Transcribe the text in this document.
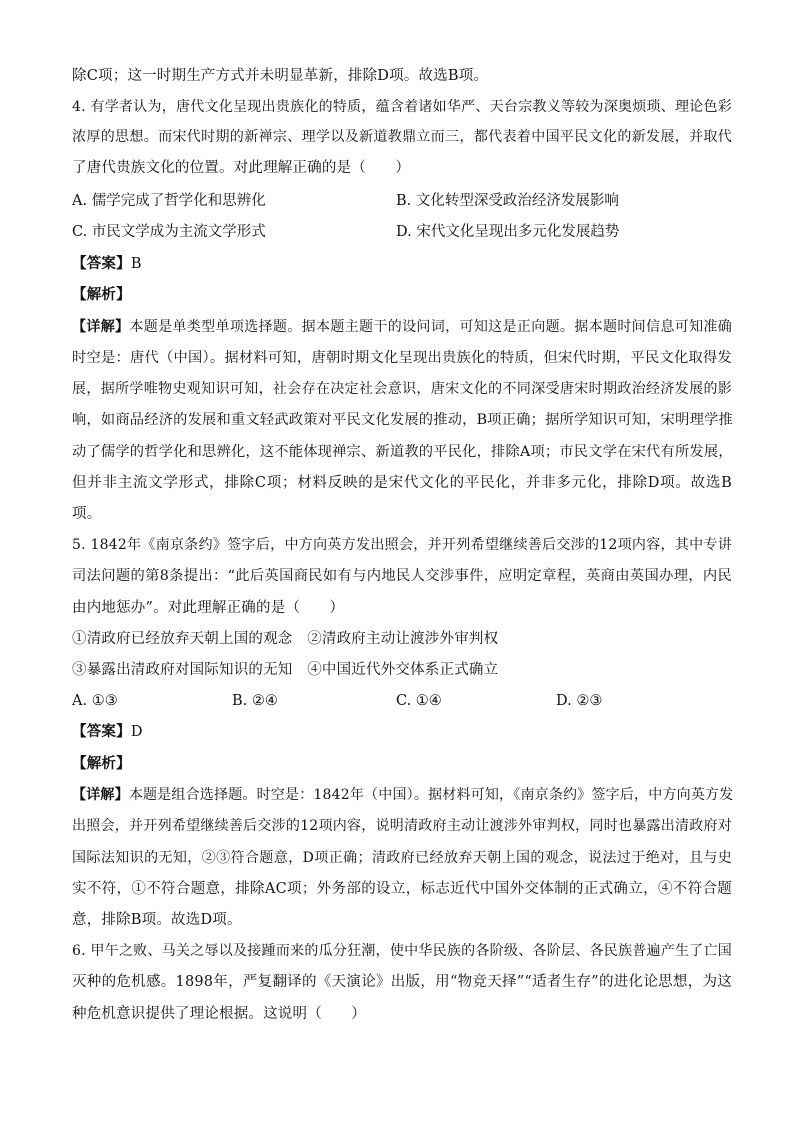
除C项；这一时期生产方式并未明显革新，排除D项。故选B项。
4. 有学者认为，唐代文化呈现出贵族化的特质，蕴含着诸如华严、天台宗教义等较为深奥烦琐、理论色彩
浓厚的思想。而宋代时期的新禅宗、理学以及新道教鼎立而三，都代表着中国平民文化的新发展，并取代
了唐代贵族文化的位置。对此理解正确的是（　　）
A. 儒学完成了哲学化和思辨化	B. 文化转型深受政治经济发展影响
C. 市民文学成为主流文学形式	D. 宋代文化呈现出多元化发展趋势
【答案】B
【解析】
【详解】本题是单类型单项选择题。据本题主题干的设问词，可知这是正向题。据本题时间信息可知准确
时空是：唐代（中国）。据材料可知，唐朝时期文化呈现出贵族化的特质，但宋代时期，平民文化取得发
展，据所学唯物史观知识可知，社会存在决定社会意识，唐宋文化的不同深受唐宋时期政治经济发展的影
响，如商品经济的发展和重文轻武政策对平民文化发展的推动，B项正确；据所学知识可知，宋明理学推
动了儒学的哲学化和思辨化，这不能体现禅宗、新道教的平民化，排除A项；市民文学在宋代有所发展，
但并非主流文学形式，排除C项；材料反映的是宋代文化的平民化，并非多元化，排除D项。故选B
项。
5. 1842年《南京条约》签字后，中方向英方发出照会，并开列希望继续善后交涉的12项内容，其中专讲
司法问题的第8条提出：“此后英国商民如有与内地民人交涉事件，应明定章程，英商由英国办理，内民
由内地惩办”。对此理解正确的是（　　）
①清政府已经放弃天朝上国的观念　②清政府主动让渡涉外审判权
③暴露出清政府对国际知识的无知　④中国近代外交体系正式确立
A. ①③	B. ②④	C. ①④	D. ②③
【答案】D
【解析】
【详解】本题是组合选择题。时空是：1842年（中国）。据材料可知，《南京条约》签字后，中方向英方发
出照会，并开列希望继续善后交涉的12项内容，说明清政府主动让渡涉外审判权，同时也暴露出清政府对
国际法知识的无知，②③符合题意，D项正确；清政府已经放弃天朝上国的观念，说法过于绝对，且与史
实不符，①不符合题意，排除AC项；外务部的设立，标志近代中国外交体制的正式确立，④不符合题
意，排除B项。故选D项。
6. 甲午之败、马关之辱以及接踵而来的瓜分狂潮，使中华民族的各阶级、各阶层、各民族普遍产生了亡国
灭种的危机感。1898年，严复翻译的《天演论》出版，用“物竞天择”“适者生存”的进化论思想，为这
种危机意识提供了理论根据。这说明（　　）
